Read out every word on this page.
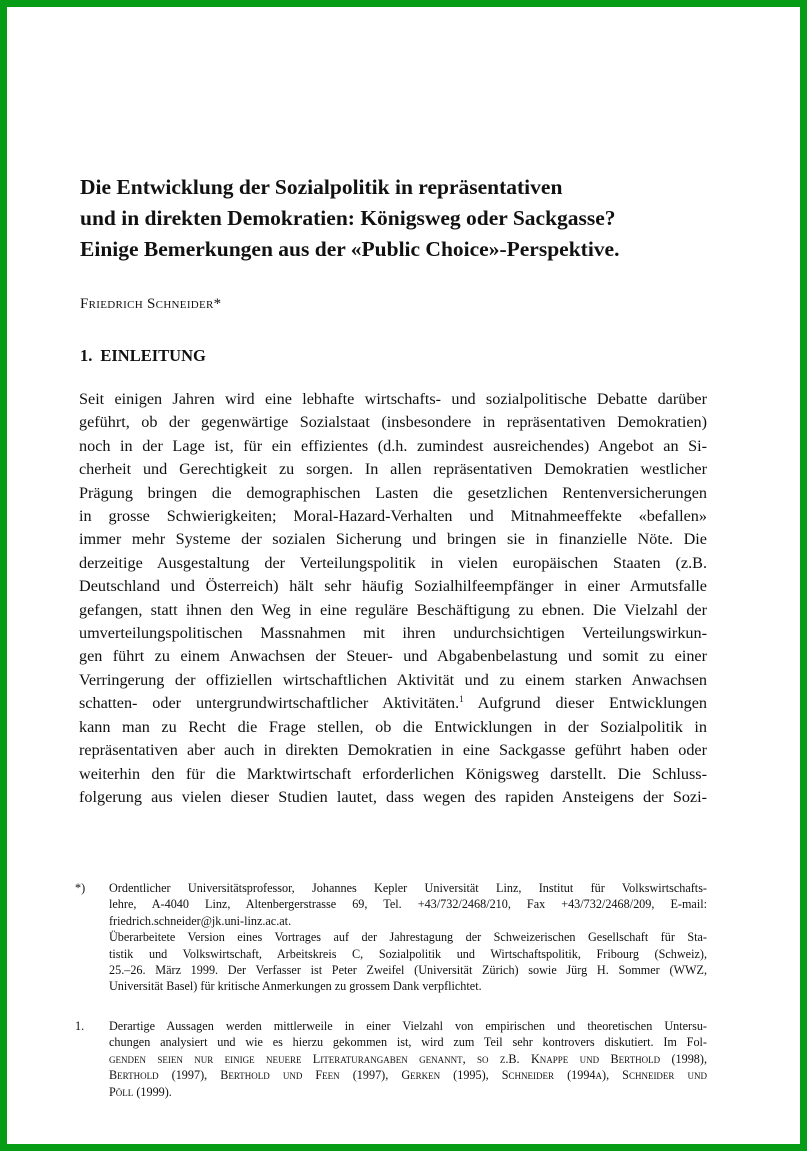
Die Entwicklung der Sozialpolitik in repräsentativen
und in direkten Demokratien: Königsweg oder Sackgasse?
Einige Bemerkungen aus der «Public Choice»-Perspektive.
Friedrich Schneider*
1. EINLEITUNG
Seit einigen Jahren wird eine lebhafte wirtschafts- und sozialpolitische Debatte darüber
geführt, ob der gegenwärtige Sozialstaat (insbesondere in repräsentativen Demokratien)
noch in der Lage ist, für ein effizientes (d.h. zumindest ausreichendes) Angebot an Si-
cherheit und Gerechtigkeit zu sorgen. In allen repräsentativen Demokratien westlicher
Prägung bringen die demographischen Lasten die gesetzlichen Rentenversicherungen
in grosse Schwierigkeiten; Moral-Hazard-Verhalten und Mitnahmeeffekte «befallen»
immer mehr Systeme der sozialen Sicherung und bringen sie in finanzielle Nöte. Die
derzeitige Ausgestaltung der Verteilungspolitik in vielen europäischen Staaten (z.B.
Deutschland und Österreich) hält sehr häufig Sozialhilfeempfänger in einer Armutsfalle
gefangen, statt ihnen den Weg in eine reguläre Beschäftigung zu ebnen. Die Vielzahl der
umverteilungspolitischen Massnahmen mit ihren undurchsichtigen Verteilungswirkun-
gen führt zu einem Anwachsen der Steuer- und Abgabenbelastung und somit zu einer
Verringerung der offiziellen wirtschaftlichen Aktivität und zu einem starken Anwachsen
schatten- oder untergrundwirtschaftlicher Aktivitäten.$^1$ Aufgrund dieser Entwicklungen
kann man zu Recht die Frage stellen, ob die Entwicklungen in der Sozialpolitik in
repräsentativen aber auch in direkten Demokratien in eine Sackgasse geführt haben oder
weiterhin den für die Marktwirtschaft erforderlichen Königsweg darstellt. Die Schluss-
folgerung aus vielen dieser Studien lautet, dass wegen des rapiden Ansteigens der Sozi-
*) Ordentlicher Universitätsprofessor, Johannes Kepler Universität Linz, Institut für Volkswirtschafts-
lehre, A-4040 Linz, Altenbergerstrasse 69, Tel. +43/732/2468/210, Fax +43/732/2468/209, E-mail:
friedrich.schneider@jk.uni-linz.ac.at.
Überarbeitete Version eines Vortrages auf der Jahrestagung der Schweizerischen Gesellschaft für Sta-
tistik und Volkswirtschaft, Arbeitskreis C, Sozialpolitik und Wirtschaftspolitik, Fribourg (Schweiz),
25.–26. März 1999. Der Verfasser ist Peter Zweifel (Universität Zürich) sowie Jürg H. Sommer (WWZ,
Universität Basel) für kritische Anmerkungen zu grossem Dank verpflichtet.
1. Derartige Aussagen werden mittlerweile in einer Vielzahl von empirischen und theoretischen Untersu-
chungen analysiert und wie es hierzu gekommen ist, wird zum Teil sehr kontrovers diskutiert. Im Fol-
genden seien nur einige neuere Literaturangaben genannt, so z.B. Knappe und Berthold (1998),
Berthold (1997), Berthold und Feen (1997), Gerken (1995), Schneider (1994a), Schneider und
Pöll (1999).
